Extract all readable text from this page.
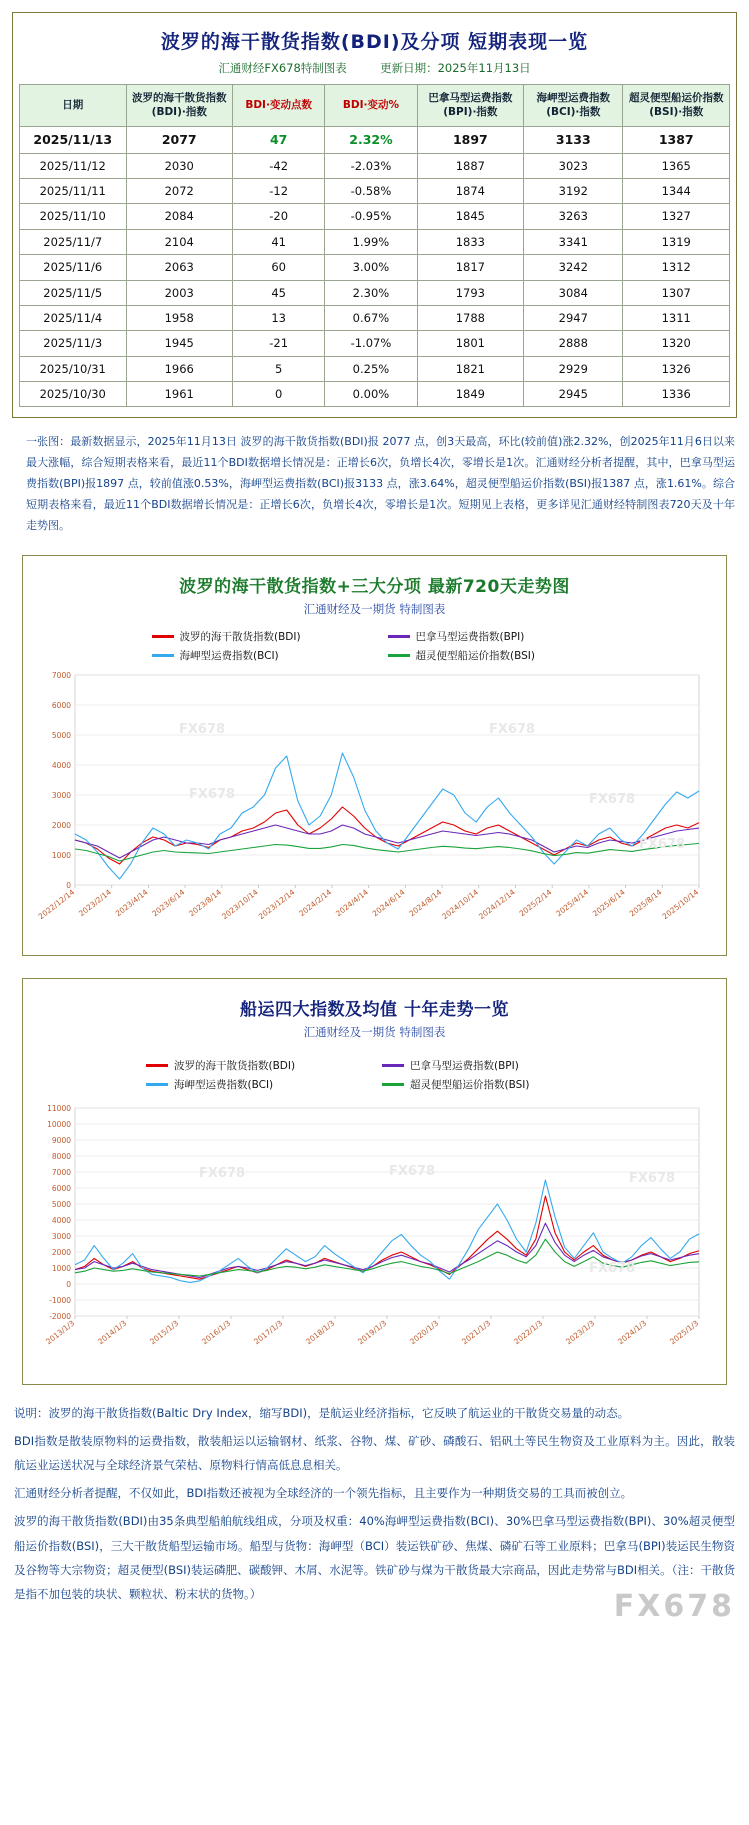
波罗的海干散货指数(BDI)及分项 短期表现一览
汇通财经FX678特制图表	更新日期：2025年11月13日
日期	波罗的海干散货指数(BDI)·指数	BDI·变动点数	BDI·变动%	巴拿马型运费指数(BPI)·指数	海岬型运费指数(BCI)·指数	超灵便型船运价指数(BSI)·指数
2025/11/13	2077	47	2.32%	1897	3133	1387
2025/11/12	2030	-42	-2.03%	1887	3023	1365
2025/11/11	2072	-12	-0.58%	1874	3192	1344
2025/11/10	2084	-20	-0.95%	1845	3263	1327
2025/11/7	2104	41	1.99%	1833	3341	1319
2025/11/6	2063	60	3.00%	1817	3242	1312
2025/11/5	2003	45	2.30%	1793	3084	1307
2025/11/4	1958	13	0.67%	1788	2947	1311
2025/11/3	1945	-21	-1.07%	1801	2888	1320
2025/10/31	1966	5	0.25%	1821	2929	1326
2025/10/30	1961	0	0.00%	1849	2945	1336
一张图：最新数据显示，2025年11月13日 波罗的海干散货指数(BDI)报 2077 点，创3天最高，环比(较前值)涨2.32%，创2025年11月6日以来最大涨幅，综合短期表格来看，最近11个BDI数据增长情况是：正增长6次，负增长4次，零增长是1次。汇通财经分析者提醒，其中，巴拿马型运费指数(BPI)报1897 点，较前值涨0.53%，海岬型运费指数(BCI)报3133 点，涨3.64%，超灵便型船运价指数(BSI)报1387 点，涨1.61%。综合短期表格来看，最近11个BDI数据增长情况是：正增长6次，负增长4次，零增长是1次。短期见上表格，更多详见汇通财经特制图表720天及十年走势图。
波罗的海干散货指数+三大分项 最新720天走势图
汇通财经及一期货 特制图表
波罗的海干散货指数(BDI)	巴拿马型运费指数(BPI)
海岬型运费指数(BCI)	超灵便型船运价指数(BSI)
0
1000
2000
3000
4000
5000
6000
7000
2022/12/14 2023/2/14 2023/4/14 2023/6/14 2023/8/14
2023/10/14
2023/12/14 2024/2/14 2024/4/14 2024/6/14 2024/8/14
2024/10/14
2024/12/14 2025/2/14 2025/4/14 2025/6/14 2025/8/14
2025/10/14
FX678
FX678
FX678
FX678
FX678
船运四大指数及均值 十年走势一览
汇通财经及一期货 特制图表
-2000
-1000
0
1000
2000
3000
4000
5000
6000
7000
8000
9000
10000
11000
2013/1/3	2014/1/3	2015/1/3	2016/1/3	2017/1/3	2018/1/3	2019/1/3	2020/1/3	2021/1/3	2022/1/3	2023/1/3	2024/1/3	2025/1/3
波罗的海干散货指数(BDI)	巴拿马型运费指数(BPI)
海岬型运费指数(BCI)	超灵便型船运价指数(BSI)
FX678	FX678	FX678
FX678

说明：波罗的海干散货指数(Baltic Dry Index，缩写BDI)，是航运业经济指标，它反映了航运业的干散货交易量的动态。

BDI指数是散装原物料的运费指数，散装船运以运输钢材、纸浆、谷物、煤、矿砂、磷酸石、铝矾土等民生物资及工业原料为主。因此，散装航运业运送状况与全球经济景气荣枯、原物料行情高低息息相关。

汇通财经分析者提醒，不仅如此，BDI指数还被视为全球经济的一个领先指标，且主要作为一种期货交易的工具而被创立。

波罗的海干散货指数(BDI)由35条典型船舶航线组成，分项及权重：40%海岬型运费指数(BCI)、30%巴拿马型运费指数(BPI)、30%超灵便型船运价指数(BSI)，三大干散货船型运输市场。船型与货物：海岬型（BCI）装运铁矿砂、焦煤、磷矿石等工业原料；巴拿马(BPI)装运民生物资及谷物等大宗物资；超灵便型(BSI)装运磷肥、碳酸钾、木屑、水泥等。铁矿砂与煤为干散货最大宗商品，因此走势常与BDI相关。（注：干散货是指不加包装的块状、颗粒状、粉末状的货物。）	FX678
